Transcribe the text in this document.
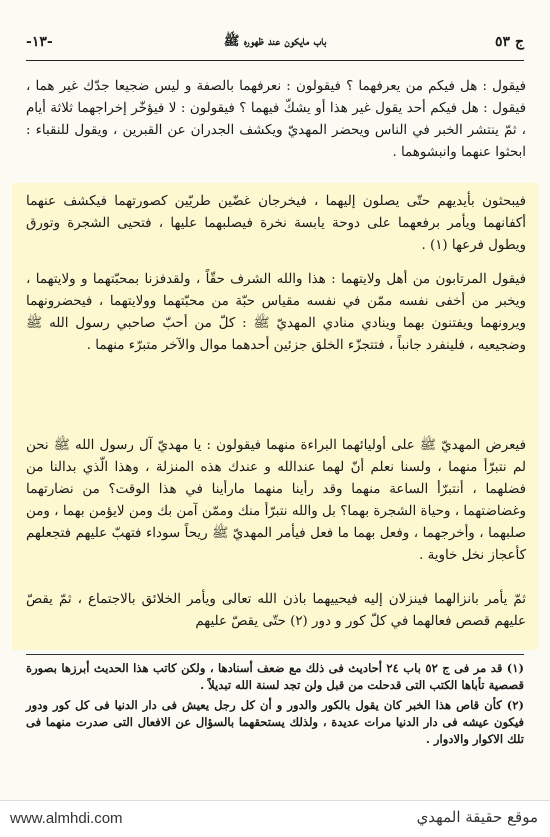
ج ٥٣
باب مايكون عند ظهوره ﷺ
-١٣-
فيقول : هل فيكم من يعرفهما ؟ فيقولون : نعرفهما بالصفة و ليس ضجيعا جدّك غير هما ، فيقول : هل فيكم أحد يقول غير هذا أو يشكّ فيهما ؟ فيقولون : لا فيؤخّر إخراجهما ثلاثة أيام ، ثمّ ينتشر الخبر في الناس ويحضر المهديّ ويكشف الجدران عن القبرين ، ويقول للنقباء : ابحثوا عنهما وانبشوهما .
فيبحثون بأيديهم حتّى يصلون إليهما ، فيخرجان غضّين طريّين كصورتهما فيكشف عنهما أكفانهما ويأمر برفعهما على دوحة يابسة نخرة فيصلبهما عليها ، فتحيى الشجرة وتورق ويطول فرعها (١) .
فيقول المرتابون من أهل ولايتهما : هذا والله الشرف حقّاً ، ولقدفزنا بمحبّتهما و ولايتهما ، ويخبر من أخفى نفسه ممّن في نفسه مقياس حبّة من محبّتهما وولايتهما ، فيحضرونهما ويرونهما ويفتنون بهما وينادي منادي المهديّ ﷺ : كلّ من أحبّ صاحبي رسول الله ﷺ وضجيعيه ، فلينفرد جانباً ، فتتجزّء الخلق جزئين أحدهما موال والآخر متبرّء منهما .
فيعرض المهديّ ﷺ على أوليائهما البراءة منهما فيقولون : يا مهديّ آل رسول الله ﷺ نحن لم نتبرّأ منهما ، ولسنا نعلم أنّ لهما عندالله و عندك هذه المنزلة ، وهذا الّذي بدالنا من فضلهما ، أنتبرّأ الساعة منهما وقد رأينا منهما مارأينا في هذا الوقت؟ من نضارتهما وغضاضتهما ، وحياة الشجرة بهما؟ بل والله نتبرّأ منك وممّن آمن بك ومن لايؤمن بهما ، ومن صلبهما ، وأخرجهما ، وفعل بهما ما فعل فيأمر المهديّ ﷺ ريحاً سوداء فتهبّ عليهم فتجعلهم كأعجاز نخل خاوية .
ثمّ يأمر بانزالهما فينزلان إليه فيحييهما باذن الله تعالى ويأمر الخلائق بالاجتماع ، ثمّ يقصّ عليهم قصص فعالهما في كلّ كور و دور (٢) حتّى يقصّ عليهم
(١) قد مر فى ج ٥٢ باب ٢٤ أحاديث فى ذلك مع ضعف أسنادها ، ولكن كاتب هذا الحديث أبرزها بصورة قصصية تأباها الكتب التى قدحلت من قبل ولن تجد لسنة الله تبديلاً .
(٢) كأن قاص هذا الخبر كان يقول بالكور والدور و أن كل رجل يعيش فى دار الدنيا فى كل كور ودور فيكون عيشه فى دار الدنيا مرات عديدة ، ولذلك يستحقهما بالسؤال عن الافعال التى صدرت منهما فى تلك الاكوار والادوار .
www.almhdi.com	موقع حقيقة المهدي
